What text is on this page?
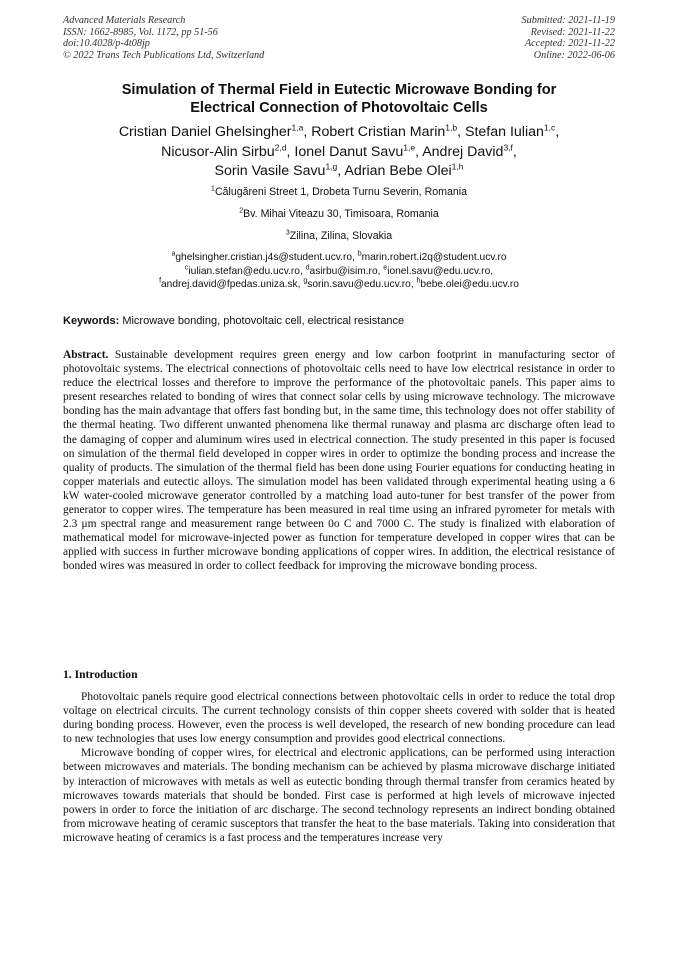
Advanced Materials Research
ISSN: 1662-8985, Vol. 1172, pp 51-56
doi:10.4028/p-4t08jp
© 2022 Trans Tech Publications Ltd, Switzerland
Submitted: 2021-11-19
Revised: 2021-11-22
Accepted: 2021-11-22
Online: 2022-06-06
Simulation of Thermal Field in Eutectic Microwave Bonding for
Electrical Connection of Photovoltaic Cells
Cristian Daniel Ghelsingher$^{1,a}$, Robert Cristian Marin$^{1,b}$, Stefan Iulian$^{1,c}$,
Nicusor-Alin Sirbu$^{2,d}$, Ionel Danut Savu$^{1,e}$, Andrej David$^{3,f}$,
Sorin Vasile Savu$^{1,g}$, Adrian Bebe Olei$^{1,h}$
$^1$Călugăreni Street 1, Drobeta Turnu Severin, Romania
$^2$Bv. Mihai Viteazu 30, Timisoara, Romania
$^3$Zilina, Zilina, Slovakia
$^a$ghelsingher.cristian.j4s@student.ucv.ro, $^b$marin.robert.i2q@student.ucv.ro
$^c$iulian.stefan@edu.ucv.ro, $^d$asirbu@isim.ro, $^e$ionel.savu@edu.ucv.ro,
$^f$andrej.david@fpedas.uniza.sk, $^g$sorin.savu@edu.ucv.ro, $^h$bebe.olei@edu.ucv.ro
Keywords: Microwave bonding, photovoltaic cell, electrical resistance
Abstract. Sustainable development requires green energy and low carbon footprint in manufacturing sector of photovoltaic systems. The electrical connections of photovoltaic cells need to have low electrical resistance in order to reduce the electrical losses and therefore to improve the performance of the photovoltaic panels. This paper aims to present researches related to bonding of wires that connect solar cells by using microwave technology. The microwave bonding has the main advantage that offers fast bonding but, in the same time, this technology does not offer stability of the thermal heating. Two different unwanted phenomena like thermal runaway and plasma arc discharge often lead to the damaging of copper and aluminum wires used in electrical connection. The study presented in this paper is focused on simulation of the thermal field developed in copper wires in order to optimize the bonding process and increase the quality of products. The simulation of the thermal field has been done using Fourier equations for conducting heating in copper materials and eutectic alloys. The simulation model has been validated through experimental heating using a 6 kW water-cooled microwave generator controlled by a matching load auto-tuner for best transfer of the power from generator to copper wires. The temperature has been measured in real time using an infrared pyrometer for metals with 2.3 μm spectral range and measurement range between 0o C and 7000 C. The study is finalized with elaboration of mathematical model for microwave-injected power as function for temperature developed in copper wires that can be applied with success in further microwave bonding applications of copper wires. In addition, the electrical resistance of bonded wires was measured in order to collect feedback for improving the microwave bonding process.
1. Introduction

Photovoltaic panels require good electrical connections between photovoltaic cells in order to reduce the total drop voltage on electrical circuits. The current technology consists of thin copper sheets covered with solder that is heated during bonding process. However, even the process is well developed, the research of new bonding procedure can lead to new technologies that uses low energy consumption and provides good electrical connections.

Microwave bonding of copper wires, for electrical and electronic applications, can be performed using interaction between microwaves and materials. The bonding mechanism can be achieved by plasma microwave discharge initiated by interaction of microwaves with metals as well as eutectic bonding through thermal transfer from ceramics heated by microwaves towards materials that should be bonded. First case is performed at high levels of microwave injected powers in order to force the initiation of arc discharge. The second technology represents an indirect bonding obtained from microwave heating of ceramic susceptors that transfer the heat to the base materials. Taking into consideration that microwave heating of ceramics is a fast process and the temperatures increase very
